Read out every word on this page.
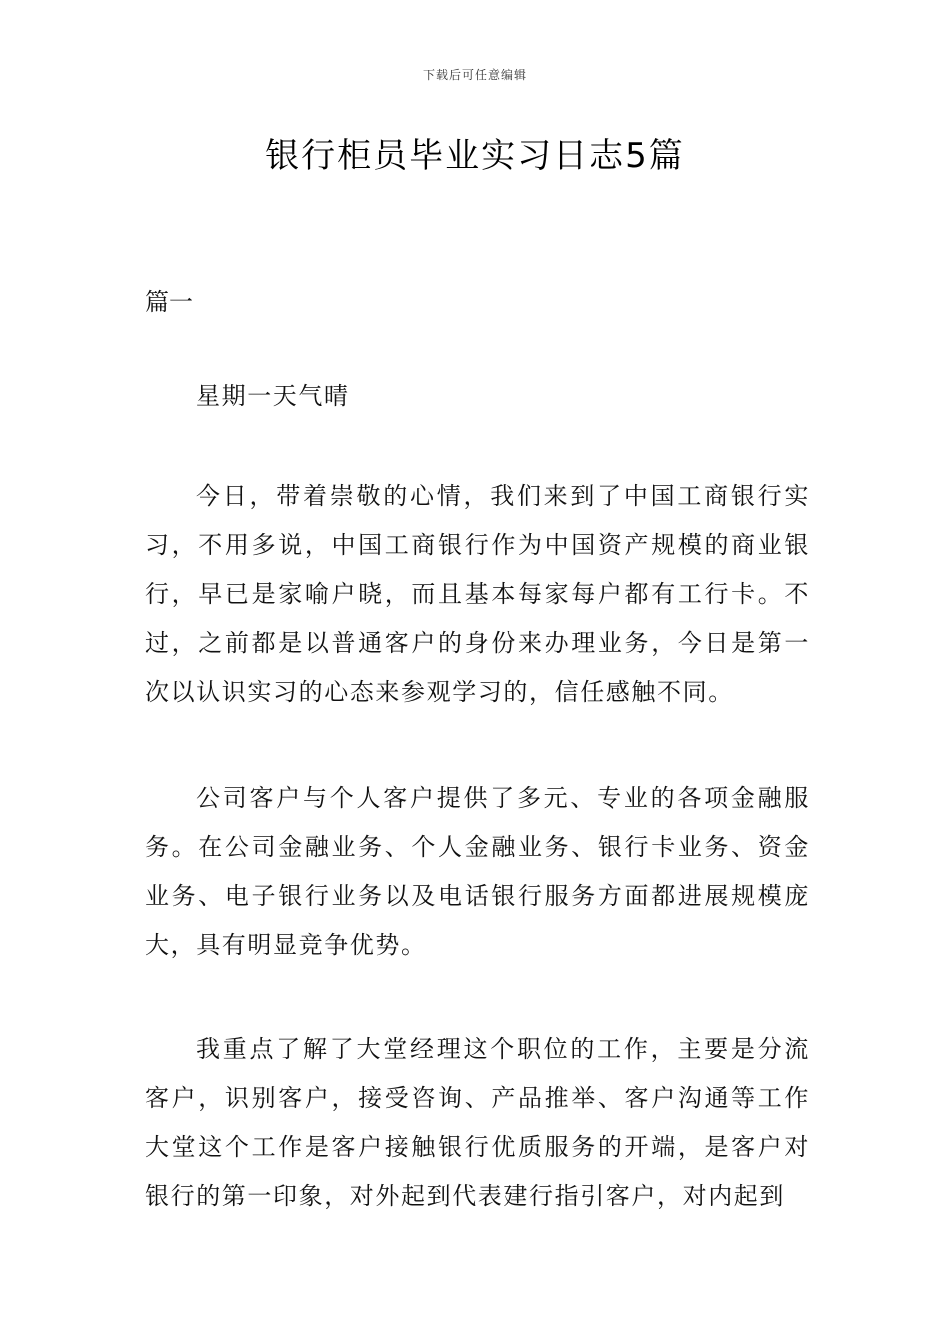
下载后可任意编辑
银行柜员毕业实习日志5篇
篇一

星期一天气晴

今日，带着崇敬的心情，我们来到了中国工商银行实习，不用多说，中国工商银行作为中国资产规模的商业银行，早已是家喻户晓，而且基本每家每户都有工行卡。不过，之前都是以普通客户的身份来办理业务，今日是第一次以认识实习的心态来参观学习的，信任感触不同。

公司客户与个人客户提供了多元、专业的各项金融服务。在公司金融业务、个人金融业务、银行卡业务、资金业务、电子银行业务以及电话银行服务方面都进展规模庞大，具有明显竞争优势。

我重点了解了大堂经理这个职位的工作，主要是分流客户，识别客户，接受咨询、产品推举、客户沟通等工作大堂这个工作是客户接触银行优质服务的开端，是客户对银行的第一印象，对外起到代表建行指引客户，对内起到
